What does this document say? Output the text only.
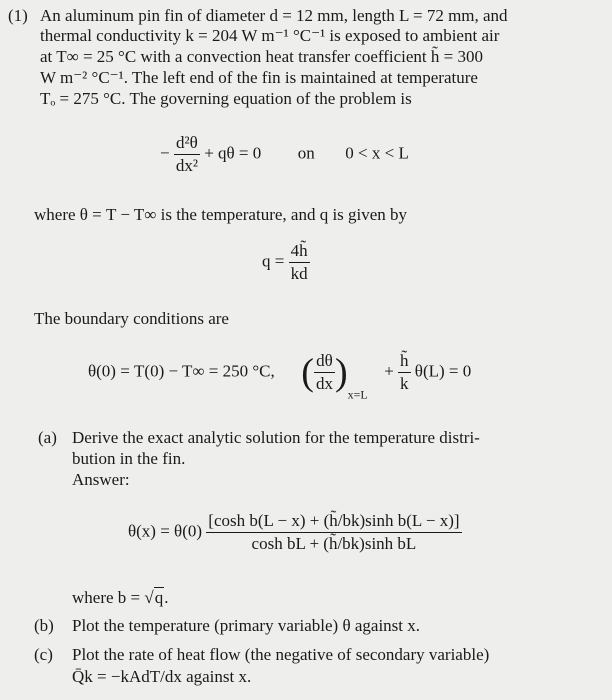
(1) An aluminum pin fin of diameter d = 12 mm, length L = 72 mm, and
thermal conductivity k = 204 W m⁻¹ °C⁻¹ is exposed to ambient air
at T∞ = 25 °C with a convection heat transfer coefficient h̃ = 300
W m⁻² °C⁻¹. The left end of the fin is maintained at temperature
Tₒ = 275 °C. The governing equation of the problem is
− $\frac{\text{d²θ}}{\text{dx²}} + q\theta = 0$ on 0 < x < L
where θ = T − T∞ is the temperature, and q is given by
$q = \frac{4h̃}{kd}$
The boundary conditions are
θ(0) = T(0) − T∞ = 250 °C, ( $\frac{d\theta}{dx} )_{x=L} + \frac{h̃}{k} \theta(L) = 0$
(a) Derive the exact analytic solution for the temperature distri-
bution in the fin.
Answer:
$\theta(x) = \theta(0) \frac{\text{[cosh b(L − x) + (h̃/bk)sinh b(L − x)]}}{\text{cosh bL + (h̃/bk)sinh bL}}$
where b = √q.
(b) Plot the temperature (primary variable) θ against x.
(c) Plot the rate of heat flow (the negative of secondary variable)
Q̄k = −kAdT/dx against x.
